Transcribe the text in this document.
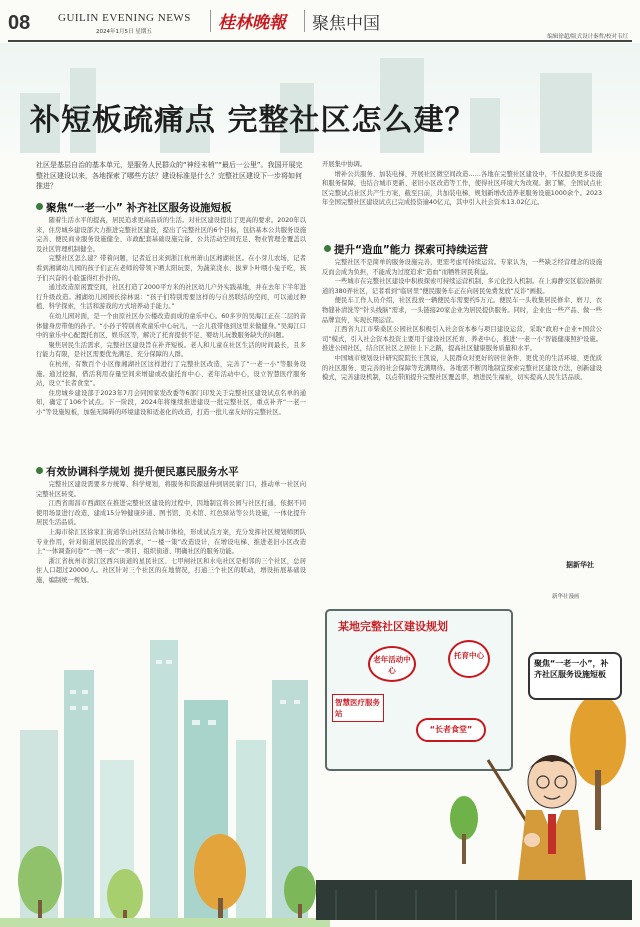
08	GUILIN EVENING NEWS
2024年1月5日 星期五	桂林晚報 聚焦中国
编辑徐超/版式设计秦哲/校对韦红
补短板疏痛点 完整社区怎么建？
社区是基层自治的基本单元，是服务人民群众的“神经末梢”“最后一公里”。我国开展完整社区建设以来，各地探索了哪些方法？建设标准是什么？完整社区建设下一步将如何推进？
聚焦“一老一小” 补齐社区服务设施短板

随着生活水平的提高，居民追求更高品质的生活。对社区建设提出了更高的要求。2020年以来，住房城乡建设部大力推进完整社区建设，提出了完整社区的6个目标，包括基本公共服务设施完善、便民商业服务设施健全、市政配套基础设施完备、公共活动空间充足、物业管理全覆盖以及社区管理机制健全。

完整社区怎么建？带着问题，记者近日来到浙江杭州萧山区湘湖社区。在小芽儿农场，记者看到湘湖幼儿园的孩子们正在老师的带领下晒太阳玩耍，为蔬菜浇水、拔萝卜叶喂小兔子吃，孩子们兴奋的小脸蛋得红扑扑的。

通过改造原闲置空间，社区打造了2000平方米的社区幼儿户外实践基地，并在去年下半年进行升级改造。湘湖幼儿园园长徐林说：“孩子们特别需要这样的与自然联结的空间，可以通过种植、科学探索，生活和游戏的方式培养动手能力。”

在幼儿园对面，是一个由原社区办公楼改造而成的童乐中心。60多岁的吴海江正在二层的音体健身房带他的孙子。“小孙子特别喜欢童乐中心玩儿，一会儿我带他到这里来做健身。”吴海江口中的童乐中心配置托育区、娱乐区等，解决了托育提供不足、婴幼儿玩教服务缺失的问题。

聚焦居民生活需求，完整社区建设旨在补齐短板。老人和儿童在社区生活的时间最长，且多行能力有限，是社区需要优先满足、充分保障的人群。

在杭州，有数百个小区像湘湖社区这样进行了完整社区改造，完善了“一老一小”等服务设施。通过挖掘，借活利用存量空间来增建或改建托育中心、老年活动中心，设立智慧医疗服务站，设立“长者食堂”。

住房城乡建设部于2023年7月会同国家发改委等6部门印发关于完整社区建设试点名单的通知，确定了106个试点。下一阶段，2024年将继续推进建设一批完整社区，重点补齐“一老一小”等设施短板，加强无障碍的环境建设和适老化的改造，打造一批儿童友好的完整社区。

有效协调科学规划 提升便民惠民服务水平

完整社区建设需要多方统筹、科学规划，将服务和资源延伸到居民家门口，推动单一社区向完整社区转变。

江西省南昌市西湖区在推进完整社区建设的过程中，因地制宜将公园与社区打通，依据不同使用场景进行改造，建成15分钟健康步道、图书馆、美术馆、红色驿站等公共设施，一体化提升居民生活品质。

上海市徐汇区徐家汇街道华山社区结合城市体检，形成试点方案，充分发挥社区规划师团队专业作用，针对街道居民提出的需求，“一楼一策”改造设计，在增设电梯、推进老旧小区改造上“一体调查问卷”“一图一表”一项目、组织街道、明确社区的服务功能。

浙江省杭州市滨江区西兴街道的星民社区、七甲闸社区和水电社区是相邻的三个社区，总居住人口超过20000人。社区针对三个社区的在地情况，打通三个社区的联动，增设拓展基础设施，编制统一规划。

开展集中协调。

增补公共服务、加装电梯、开展社区微空间改造……各地在完整社区建设中，不仅提供更多设施和服务保障，也结合城市更新、老旧小区改造等工作，使得社区环境大为改观。据了解，全国试点社区完整试点社区共产生方案，截至目前，共加装电梯，规划新增改造养老服务设施1000余个。2023年全国完整社区建设试点已完成投资逾40亿元，其中引入社会资本13.02亿元。

提升“造血”能力 探索可持续运营

完整社区不是简单的服务设施完善，更需考虑可持续运营。专家认为，一些缺乏经营理念的设施反而会成为负担，不能成为过度追求“造血”而牺牲居民利益。

一些城市在完整社区建设中积极探索可持续运营机制、多元化投入机制。在上海静安区临汾路街道的380弄社区，记者看到“临居里”便民服务车正在向居民免费发放“反诈”画报。

便民车工作人员介绍，社区投放一辆便民车需要约5万元。便民车一头收集居民修伞、磨刀、衣物缝补清洗等“针头线脑”需求，一头链接20家企业为居民提供服务。同时，企业也一些产品、做一些品牌宣传，实现长期运营。

江西省九江市柴桑区公园社区积极引入社会资本参与项目建设运营，采取“政府+企业+国营公司”模式，引入社会资本投资主要用于建设社区托育、养老中心，推进‘一老一小’智能健康照护设施。推进公园社区，结合区社区之居住上下之路，提高社区健康服务质量和水平。

中国城市规划设计研究院院长王凯说，人民群众对更好的居住条件、更优美的生活环境、更优质的社区服务、更完善的社会保障等充满期待。各地需不断因地制宜探索完整社区建设方法，创新建设模式，完善建设机制，以点带面提升完整社区覆盖率，增进民生福祉，切实提高人民生活品质。

据新华社
新华社漫画
某地完整社区建设规划
老年活动中心
托育中心
智慧医疗服务站
“长者食堂”
聚焦“一老一小”，补齐社区服务设施短板
